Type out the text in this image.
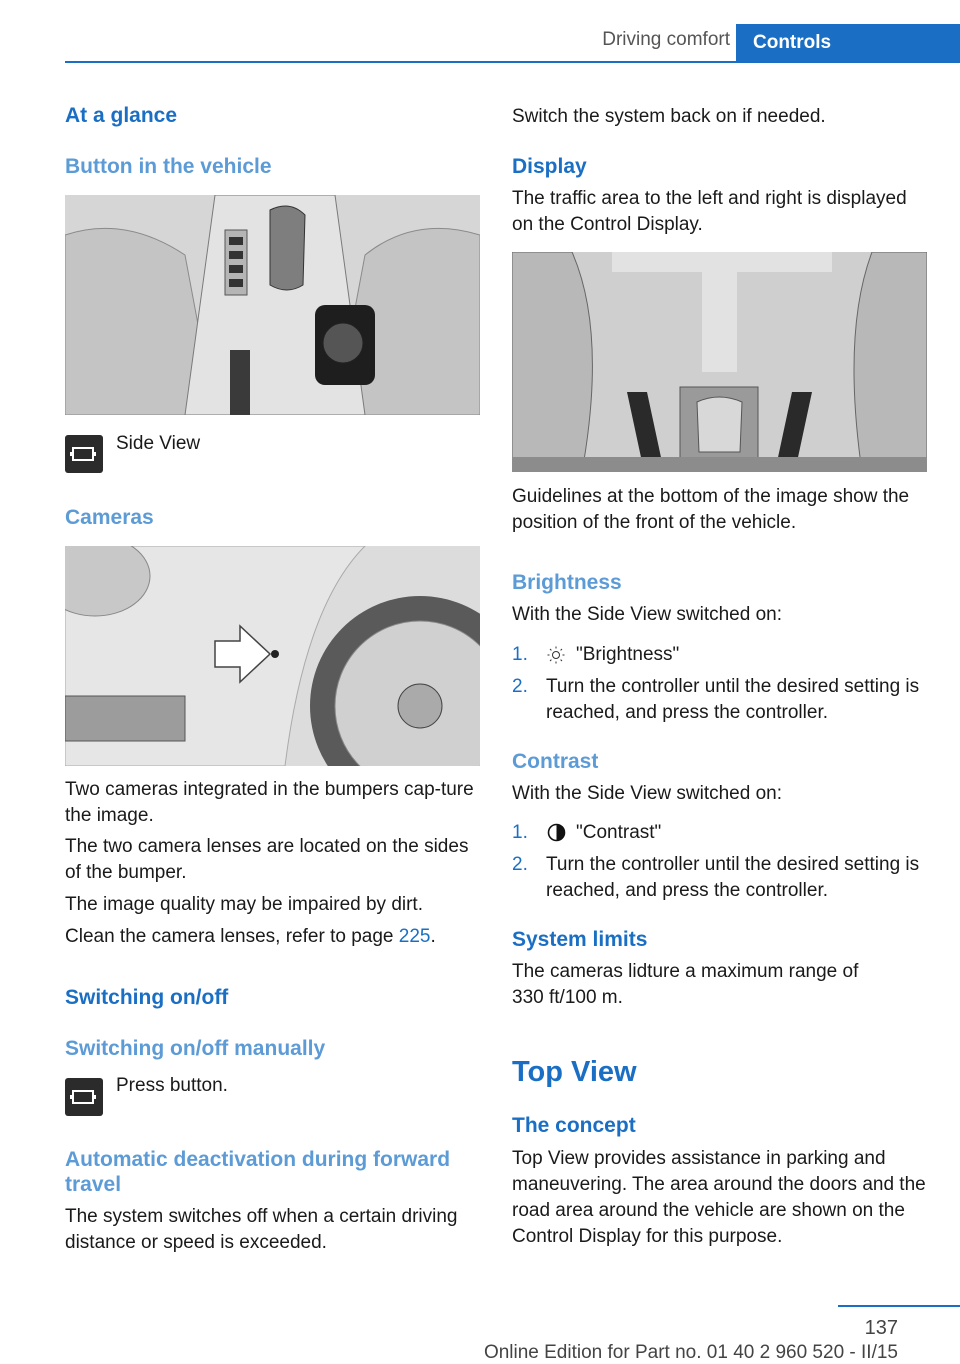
Driving comfort	Controls
At a glance
Button in the vehicle
Side View
Cameras
Two cameras integrated in the bumpers cap‐ture the image.
The two camera lenses are located on the sides of the bumper.
The image quality may be impaired by dirt.
Clean the camera lenses, refer to page 225.
Switching on/off
Switching on/off manually
Press button.
Automatic deactivation during forward travel
The system switches off when a certain driving distance or speed is exceeded.
Switch the system back on if needed.
Display
The traffic area to the left and right is displayed on the Control Display.
Guidelines at the bottom of the image show the position of the front of the vehicle.
Brightness
With the Side View switched on:
1.	"Brightness"
2. Turn the controller until the desired setting is reached, and press the controller.
Contrast
With the Side View switched on:
1.	"Contrast"
2. Turn the controller until the desired setting is reached, and press the controller.
System limits
The cameras lidture a maximum range of 330 ft/100 m.
Top View
The concept
Top View provides assistance in parking and maneuvering. The area around the doors and the road area around the vehicle are shown on the Control Display for this purpose.
137
Online Edition for Part no. 01 40 2 960 520 - II/15
